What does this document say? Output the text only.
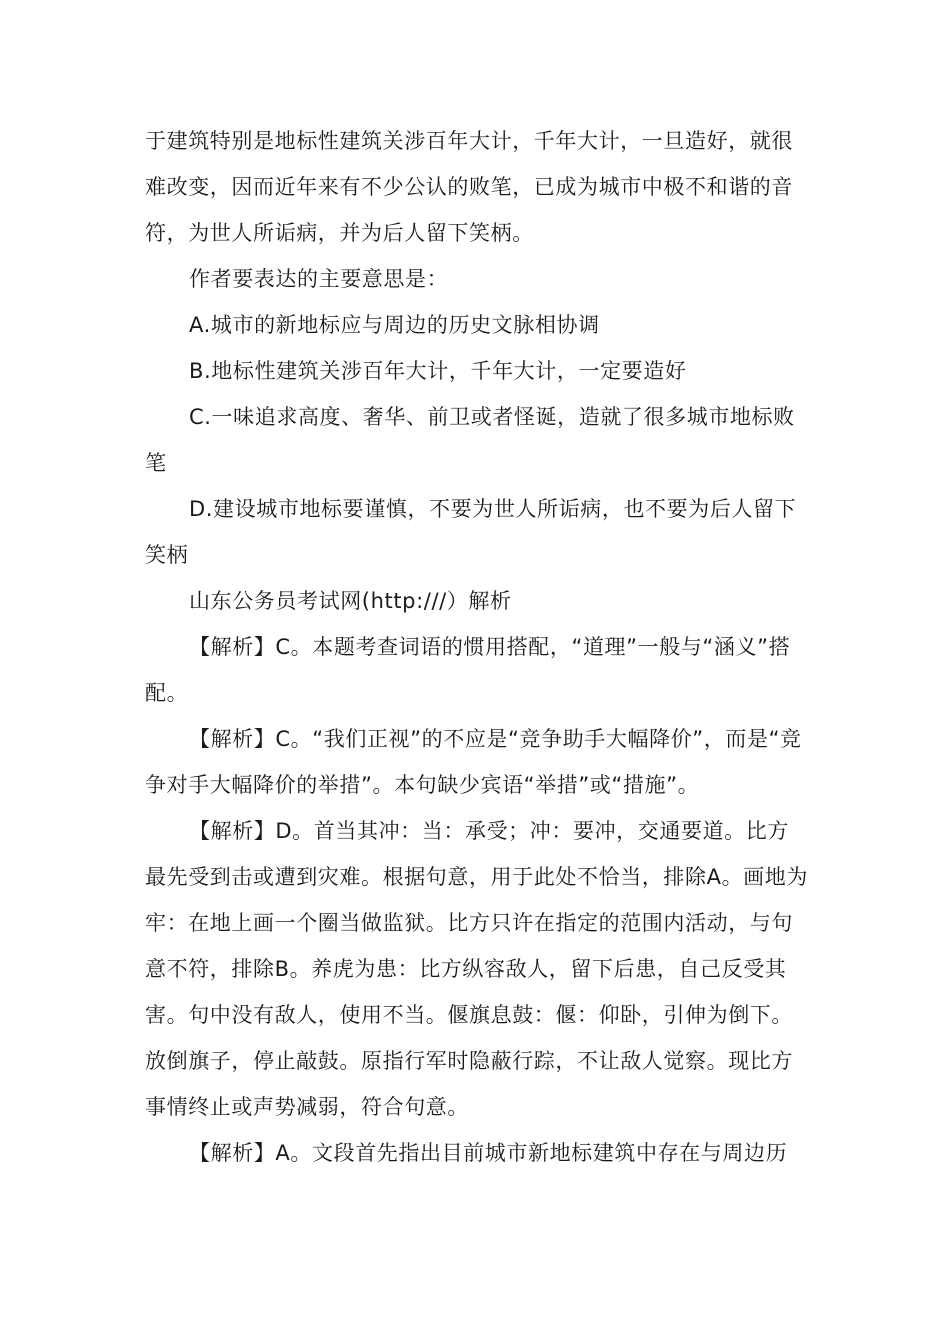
于建筑特别是地标性建筑关涉百年大计，千年大计，一旦造好，就很难改变，因而近年来有不少公认的败笔，已成为城市中极不和谐的音符，为世人所诟病，并为后人留下笑柄。

作者要表达的主要意思是：

A.城市的新地标应与周边的历史文脉相协调

B.地标性建筑关涉百年大计，千年大计，一定要造好

C.一味追求高度、奢华、前卫或者怪诞，造就了很多城市地标败笔

D.建设城市地标要谨慎，不要为世人所诟病，也不要为后人留下笑柄

山东公务员考试网(http:///）解析

【解析】C。本题考查词语的惯用搭配，“道理”一般与“涵义”搭配。

【解析】C。“我们正视”的不应是“竞争助手大幅降价”，而是“竞争对手大幅降价的举措”。本句缺少宾语“举措”或“措施”。

【解析】D。首当其冲：当：承受；冲：要冲，交通要道。比方最先受到击或遭到灾难。根据句意，用于此处不恰当，排除A。画地为牢：在地上画一个圈当做监狱。比方只许在指定的范围内活动，与句意不符，排除B。养虎为患：比方纵容敌人，留下后患，自己反受其害。句中没有敌人，使用不当。偃旗息鼓：偃：仰卧，引伸为倒下。放倒旗子，停止敲鼓。原指行军时隐蔽行踪，不让敌人觉察。现比方事情终止或声势减弱，符合句意。

【解析】A。文段首先指出目前城市新地标建筑中存在与周边历
